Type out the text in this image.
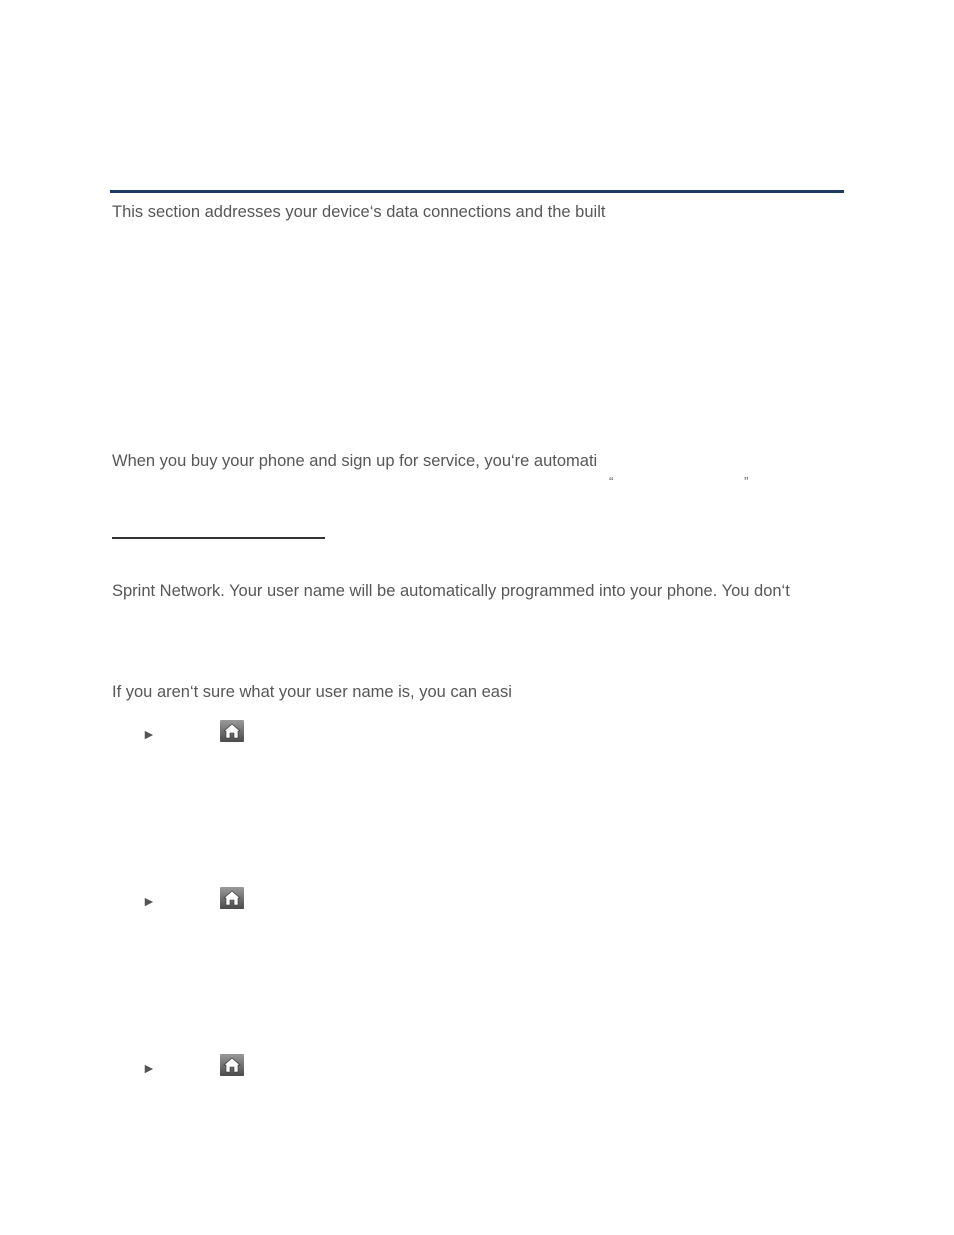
This section addresses your device‘s data connections and the built
When you buy your phone and sign up for service, you‘re automati
“	”
Sprint Network. Your user name will be automatically programmed into your phone. You don‘t
If you aren‘t sure what your user name is, you can easi
►
►
►
